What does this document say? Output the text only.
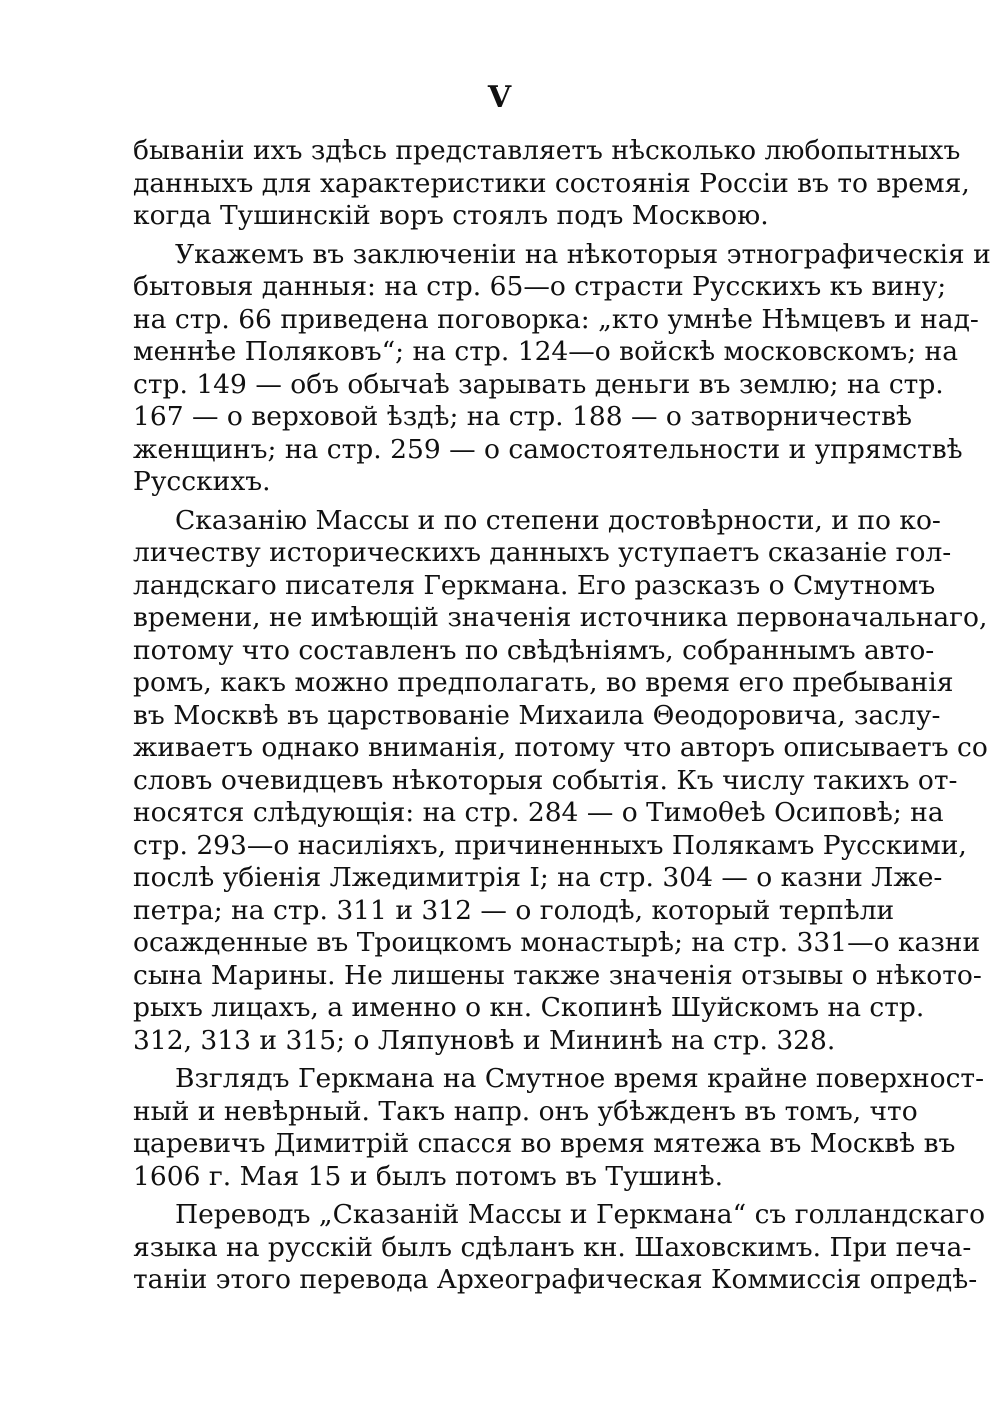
V
быванiи ихъ здѣсь представляетъ нѣсколько любопытныхъ
данныхъ для характеристики состоянiя Россiи въ то время,
когда Тушинскiй воръ стоялъ подъ Москвою.
Укажемъ въ заключенiи на нѣкоторыя этнографическiя и
бытовыя данныя: на стр. 65—о страсти Русскихъ къ вину;
на стр. 66 приведена поговорка: „кто умнѣе Нѣмцевъ и над-
меннѣе Поляковъ“; на стр. 124—о войскѣ московскомъ; на
стр. 149 — объ обычаѣ зарывать деньги въ землю; на стр.
167 — о верховой ѣздѣ; на стр. 188 — о затворничествѣ
женщинъ; на стр. 259 — о самостоятельности и упрямствѣ
Русскихъ.
Сказанiю Массы и по степени достовѣрности, и по ко-
личеству историческихъ данныхъ уступаетъ сказанiе гол-
ландскаго писателя Геркмана. Его разсказъ о Смутномъ
времени, не имѣющiй значенiя источника первоначальнаго,
потому что составленъ по свѣдѣнiямъ, собраннымъ авто-
ромъ, какъ можно предполагать, во время его пребыванiя
въ Москвѣ въ царствованiе Михаила Θеодоровича, заслу-
живаетъ однако вниманiя, потому что авторъ описываетъ со
словъ очевидцевъ нѣкоторыя событiя. Къ числу такихъ от-
носятся слѣдующiя: на стр. 284 — о Тимоθеѣ Осиповѣ; на
стр. 293—о насилiяхъ, причиненныхъ Полякамъ Русскими,
послѣ убiенiя Лжедимитрiя I; на стр. 304 — о казни Лже-
петра; на стр. 311 и 312 — о голодѣ, который терпѣли
осажденные въ Троицкомъ монастырѣ; на стр. 331—о казни
сына Марины. Не лишены также значенiя отзывы о нѣкото-
рыхъ лицахъ, а именно о кн. Скопинѣ Шуйскомъ на стр.
312, 313 и 315; о Ляпуновѣ и Мининѣ на стр. 328.
Взглядъ Геркмана на Смутное время крайне поверхност-
ный и невѣрный. Такъ напр. онъ убѣжденъ въ томъ, что
царевичъ Димитрiй спасся во время мятежа въ Москвѣ въ
1606 г. Мая 15 и былъ потомъ въ Тушинѣ.
Переводъ „Сказанiй Массы и Геркмана“ съ голландскаго
языка на русскiй былъ сдѣланъ кн. Шаховскимъ. При печа-
танiи этого перевода Археографическая Коммиссiя опредѣ-
